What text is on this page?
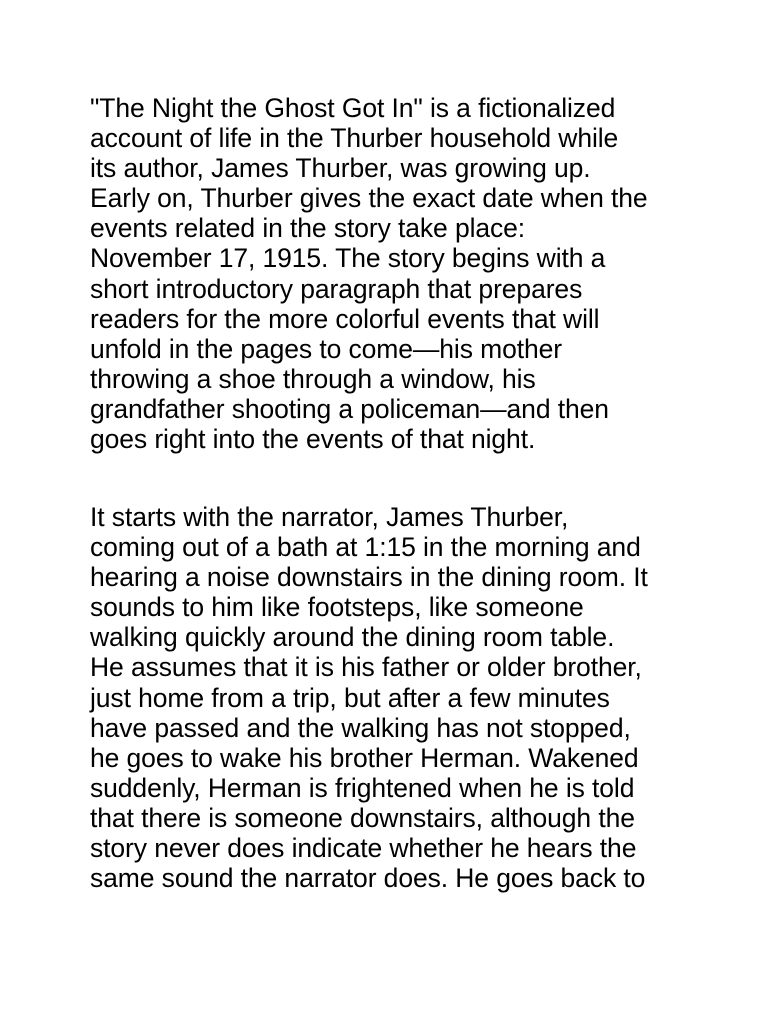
"The Night the Ghost Got In" is a fictionalized
account of life in the Thurber household while
its author, James Thurber, was growing up.
Early on, Thurber gives the exact date when the
events related in the story take place:
November 17, 1915. The story begins with a
short introductory paragraph that prepares
readers for the more colorful events that will
unfold in the pages to come—his mother
throwing a shoe through a window, his
grandfather shooting a policeman—and then
goes right into the events of that night.
It starts with the narrator, James Thurber,
coming out of a bath at 1:15 in the morning and
hearing a noise downstairs in the dining room. It
sounds to him like footsteps, like someone
walking quickly around the dining room table.
He assumes that it is his father or older brother,
just home from a trip, but after a few minutes
have passed and the walking has not stopped,
he goes to wake his brother Herman. Wakened
suddenly, Herman is frightened when he is told
that there is someone downstairs, although the
story never does indicate whether he hears the
same sound the narrator does. He goes back to
